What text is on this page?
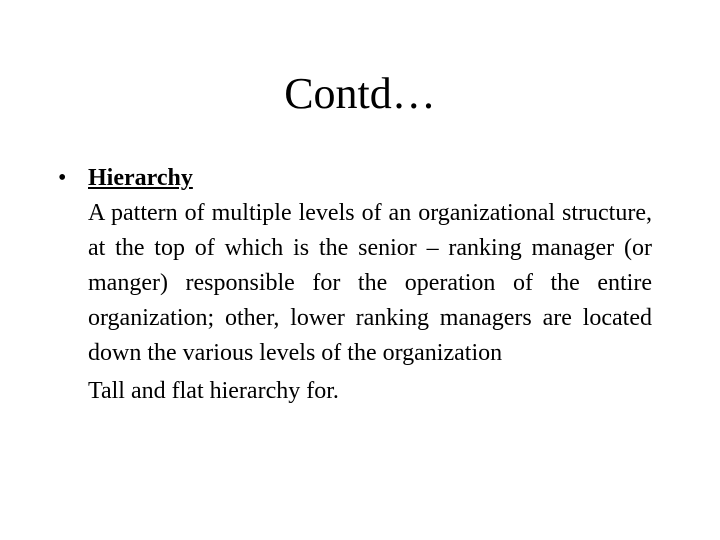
Contd…
• Hierarchy

A pattern of multiple levels of an organizational structure, at the top of which is the senior – ranking manager (or manger) responsible for the operation of the entire organization; other, lower ranking managers are located down the various levels of the organization

Tall and flat hierarchy for.
